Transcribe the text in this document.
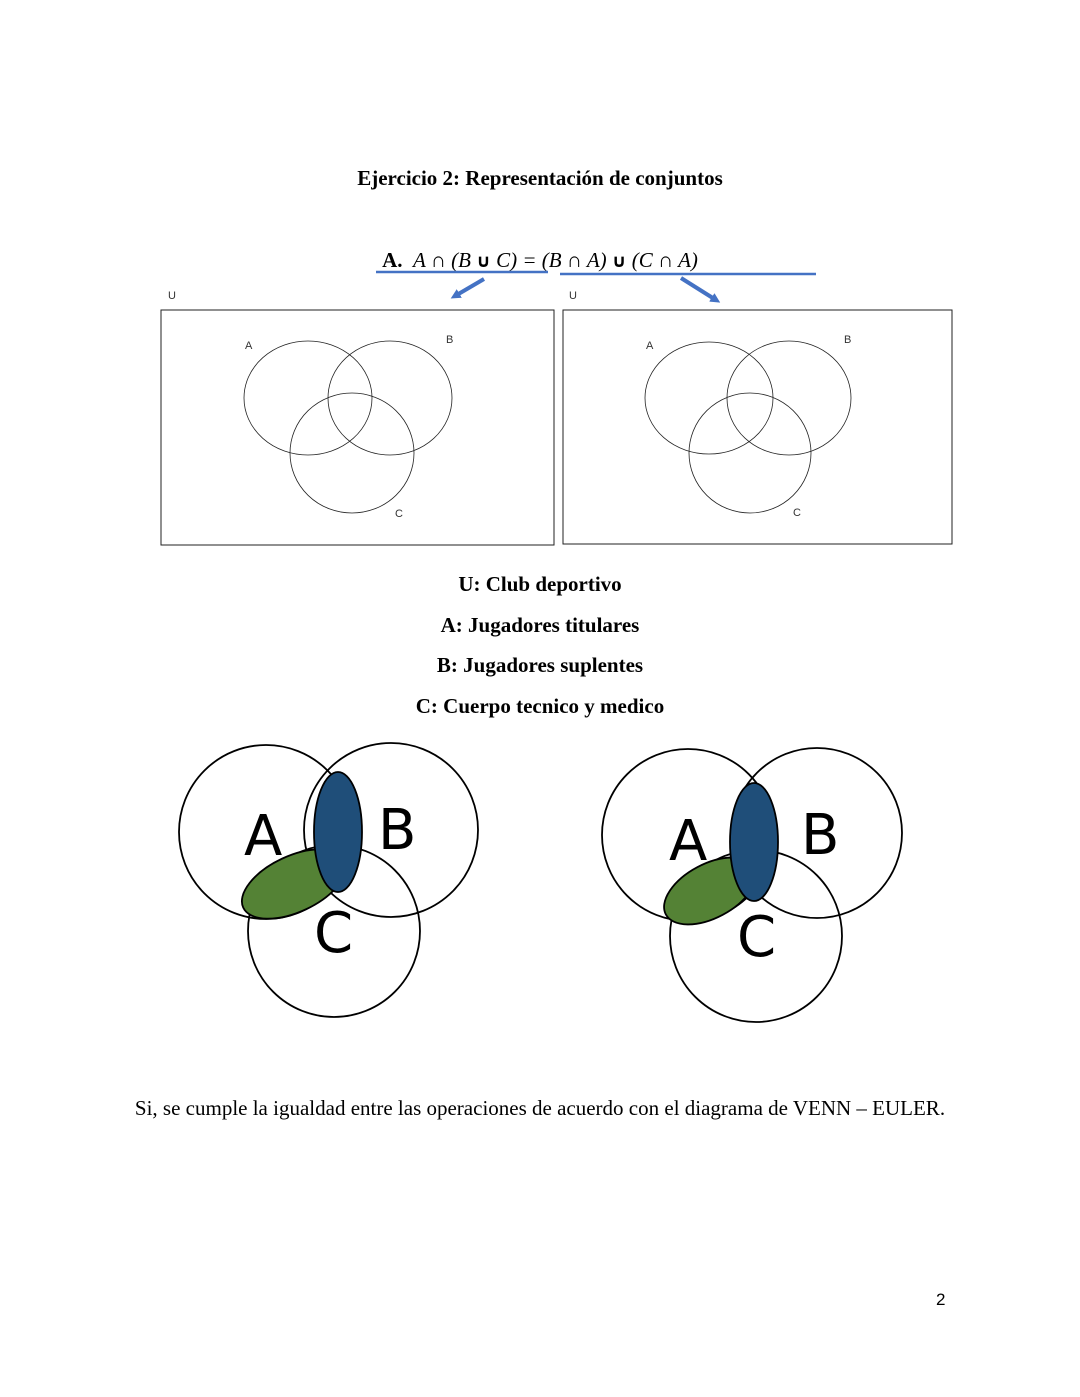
Ejercicio 2: Representación de conjuntos
A. A ∩ (B ∪ C) = (B ∩ A) ∪ (C ∩ A)
U
A	B
C
U
A	B
C
U: Club deportivo
A: Jugadores titulares
B: Jugadores suplentes
C: Cuerpo tecnico y medico
A B
C
A B
C
Si, se cumple la igualdad entre las operaciones de acuerdo con el diagrama de VENN – EULER.
2
